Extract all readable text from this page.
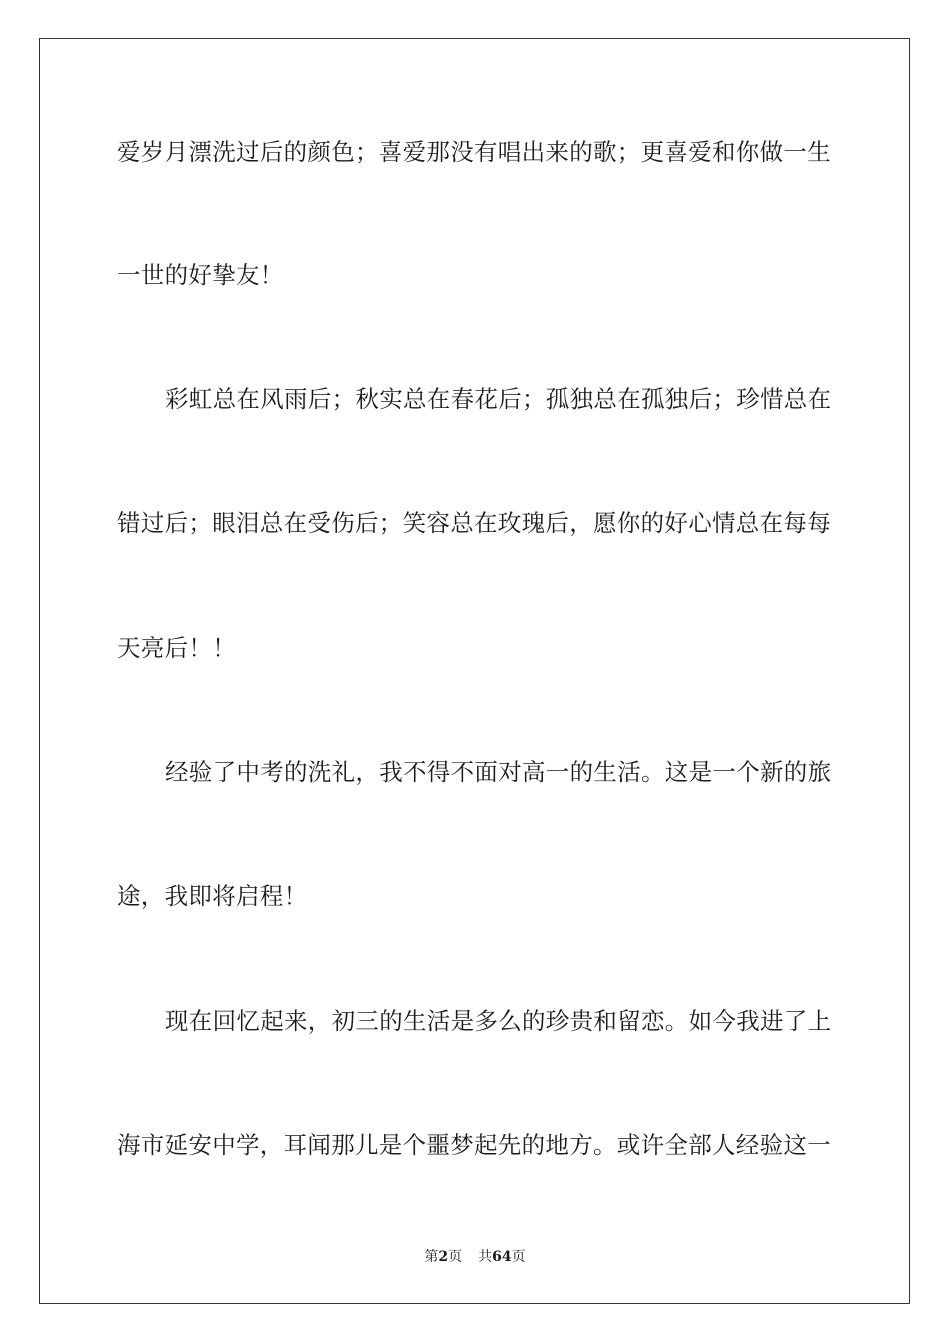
爱岁月漂洗过后的颜色；喜爱那没有唱出来的歌；更喜爱和你做一生
一世的好挚友！
彩虹总在风雨后；秋实总在春花后；孤独总在孤独后；珍惜总在
错过后；眼泪总在受伤后；笑容总在玫瑰后，愿你的好心情总在每每
天亮后！！
经验了中考的洗礼，我不得不面对高一的生活。这是一个新的旅
途，我即将启程！
现在回忆起来，初三的生活是多么的珍贵和留恋。如今我进了上
海市延安中学，耳闻那儿是个噩梦起先的地方。或许全部人经验这一
第2页 共64页
